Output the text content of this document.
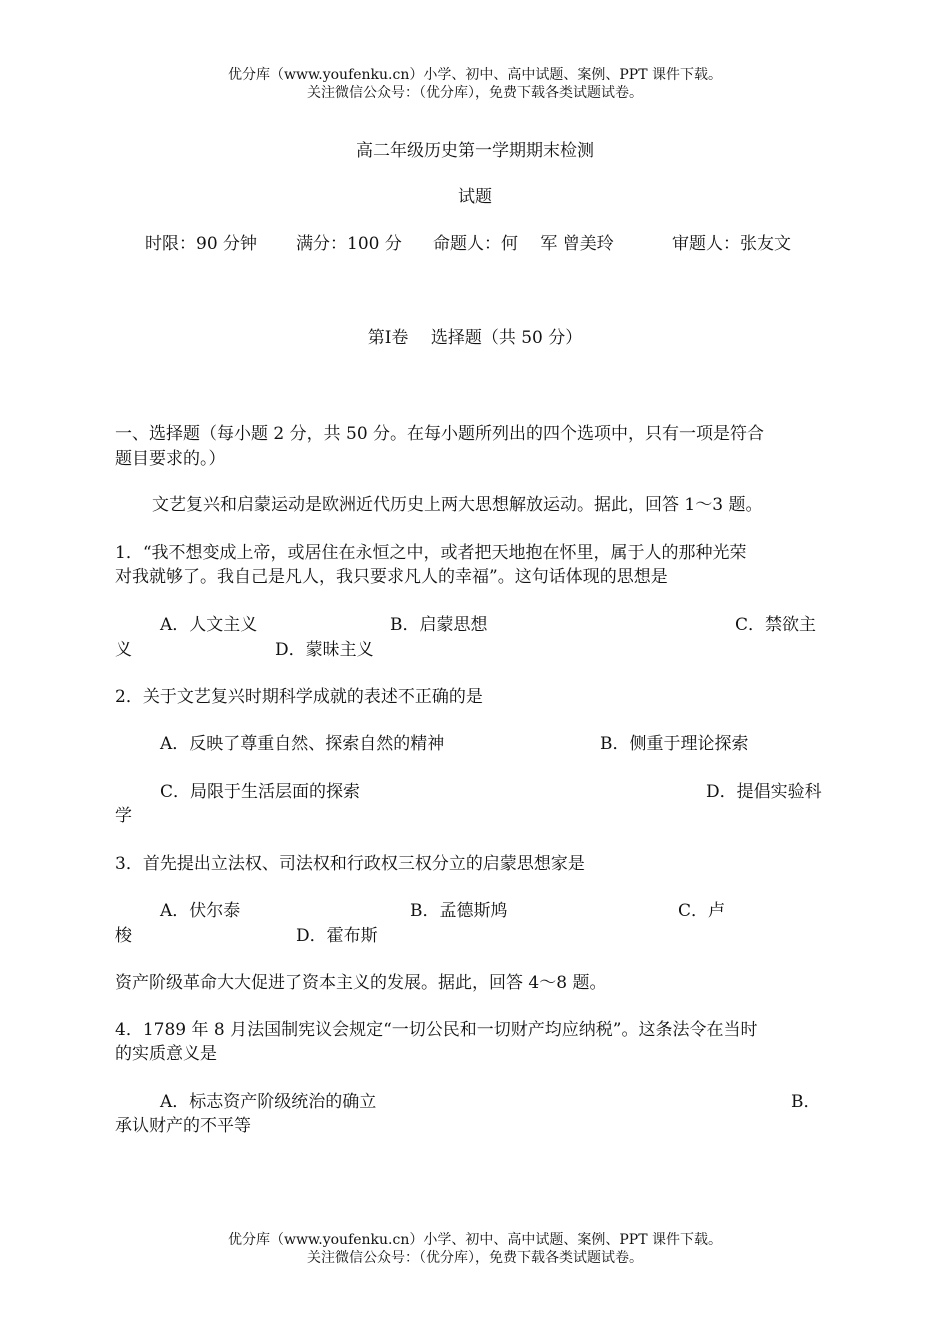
优分库（www.youfenku.cn）小学、初中、高中试题、案例、PPT 课件下载。
关注微信公众号：（优分库），免费下载各类试题试卷。
高二年级历史第一学期期末检测
试题
时限：90 分钟 满分：100 分 命题人：何　 军 曾美玲	审题人：张友文
第Ⅰ卷　 选择题（共 50 分）
一、选择题（每小题 2 分，共 50 分。在每小题所列出的四个选项中，只有一项是符合
题目要求的。）
文艺复兴和启蒙运动是欧洲近代历史上两大思想解放运动。据此，回答 1～3 题。
1．“我不想变成上帝，或居住在永恒之中，或者把天地抱在怀里，属于人的那种光荣
对我就够了。我自己是凡人，我只要求凡人的幸福”。这句话体现的思想是
A．人文主义	B．启蒙思想	C．禁欲主
义	D．蒙昧主义
2．关于文艺复兴时期科学成就的表述不正确的是
A．反映了尊重自然、探索自然的精神	B．侧重于理论探索
C．局限于生活层面的探索	D．提倡实验科
学
3．首先提出立法权、司法权和行政权三权分立的启蒙思想家是
A．伏尔泰	B．孟德斯鸠	C．卢
梭	D．霍布斯
资产阶级革命大大促进了资本主义的发展。据此，回答 4～8 题。
4．1789 年 8 月法国制宪议会规定“一切公民和一切财产均应纳税”。这条法令在当时
的实质意义是
A．标志资产阶级统治的确立	B．
承认财产的不平等
优分库（www.youfenku.cn）小学、初中、高中试题、案例、PPT 课件下载。
关注微信公众号：（优分库），免费下载各类试题试卷。
